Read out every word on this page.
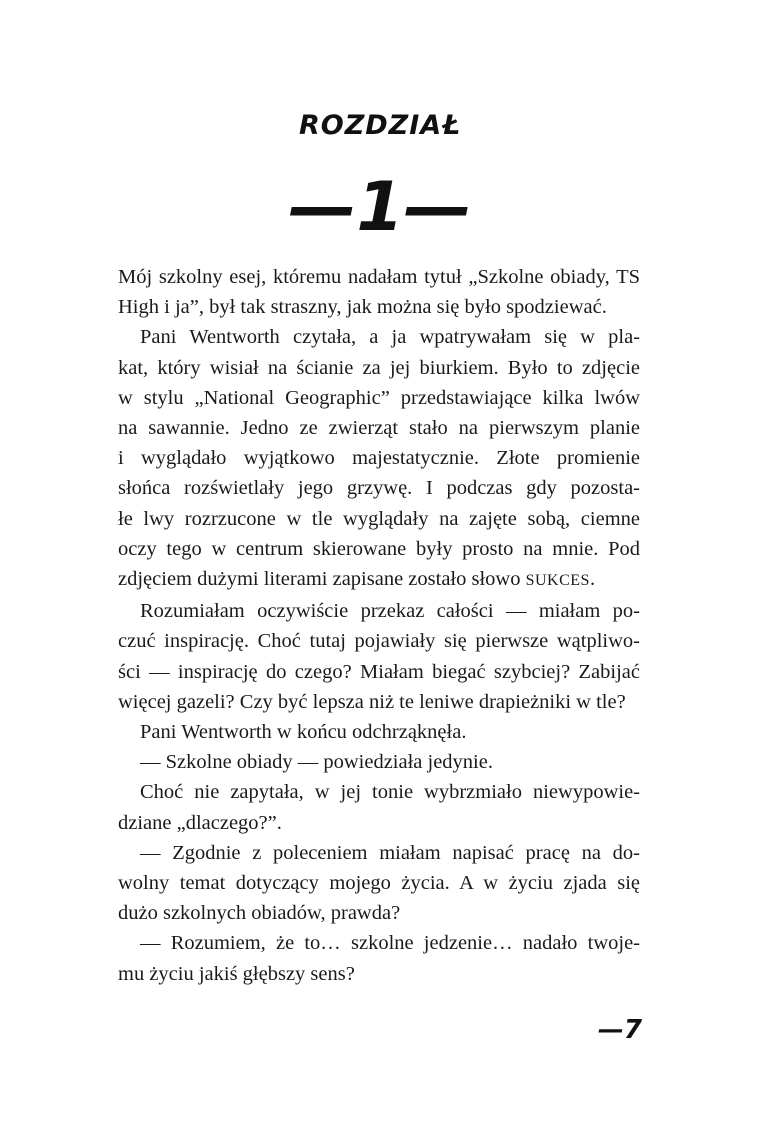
ROZDZIAŁ
—1—
Mój szkolny esej, któremu nadałam tytuł „Szkolne obiady, TS
High i ja”, był tak straszny, jak można się było spodziewać.
Pani Wentworth czytała, a ja wpatrywałam się w pla-
kat, który wisiał na ścianie za jej biurkiem. Było to zdjęcie
w stylu „National Geographic” przedstawiające kilka lwów
na sawannie. Jedno ze zwierząt stało na pierwszym planie
i wyglądało wyjątkowo majestatycznie. Złote promienie
słońca rozświetlały jego grzywę. I podczas gdy pozosta-
łe lwy rozrzucone w tle wyglądały na zajęte sobą, ciemne
oczy tego w centrum skierowane były prosto na mnie. Pod
zdjęciem dużymi literami zapisane zostało słowo SUKCES.
Rozumiałam oczywiście przekaz całości — miałam po-
czuć inspirację. Choć tutaj pojawiały się pierwsze wątpliwo-
ści — inspirację do czego? Miałam biegać szybciej? Zabijać
więcej gazeli? Czy być lepsza niż te leniwe drapieżniki w tle?
Pani Wentworth w końcu odchrząknęła.
— Szkolne obiady — powiedziała jedynie.
Choć nie zapytała, w jej tonie wybrzmiało niewypowie-
dziane „dlaczego?”.
— Zgodnie z poleceniem miałam napisać pracę na do-
wolny temat dotyczący mojego życia. A w życiu zjada się
dużo szkolnych obiadów, prawda?
— Rozumiem, że to… szkolne jedzenie… nadało twoje-
mu życiu jakiś głębszy sens?
—7
